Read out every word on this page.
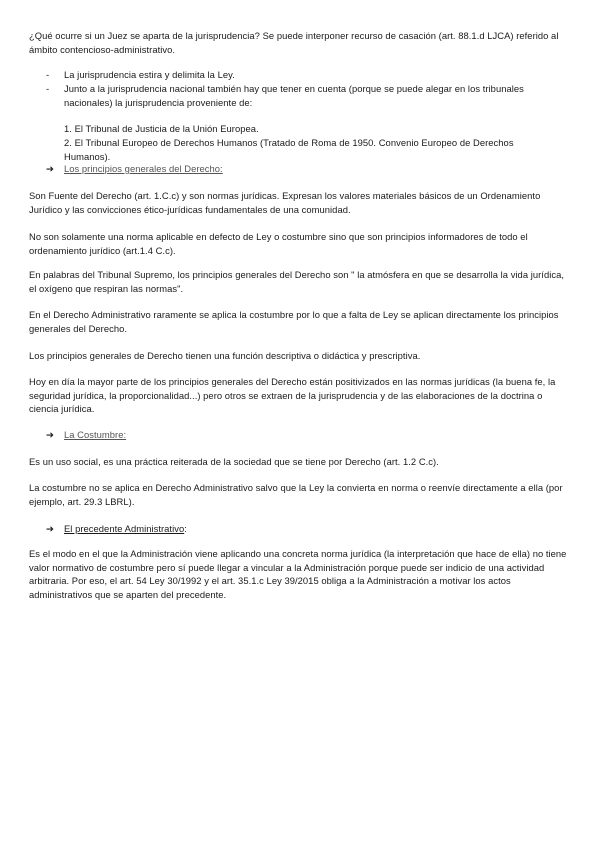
¿Qué ocurre si un Juez se aparta de la jurisprudencia? Se puede interponer recurso de casación (art. 88.1.d LJCA) referido al ámbito contencioso-administrativo.

- La jurisprudencia estira y delimita la Ley.
- Junto a la jurisprudencia nacional también hay que tener en cuenta (porque se puede alegar en los tribunales nacionales) la jurisprudencia proveniente de:
1. El Tribunal de Justicia de la Unión Europea.
2. El Tribunal Europeo de Derechos Humanos (Tratado de Roma de 1950. Convenio Europeo de Derechos Humanos).
➔ Los principios generales del Derecho:

Son Fuente del Derecho (art. 1.C.c) y son normas jurídicas. Expresan los valores materiales básicos de un Ordenamiento Jurídico y las convicciones ético-jurídicas fundamentales de una comunidad.

No son solamente una norma aplicable en defecto de Ley o costumbre sino que son principios informadores de todo el ordenamiento jurídico (art.1.4 C.c).

En palabras del Tribunal Supremo, los principios generales del Derecho son " la atmósfera en que se desarrolla la vida jurídica, el oxígeno que respiran las normas".

En el Derecho Administrativo raramente se aplica la costumbre por lo que a falta de Ley se aplican directamente los principios generales del Derecho.

Los principios generales de Derecho tienen una función descriptiva o didáctica y prescriptiva.

Hoy en día la mayor parte de los principios generales del Derecho están positivizados en las normas jurídicas (la buena fe, la seguridad jurídica, la proporcionalidad...) pero otros se extraen de la jurisprudencia y de las elaboraciones de la doctrina o ciencia jurídica.

➔ La Costumbre:

Es un uso social, es una práctica reiterada de la sociedad que se tiene por Derecho (art. 1.2 C.c).

La costumbre no se aplica en Derecho Administrativo salvo que la Ley la convierta en norma o reenvíe directamente a ella (por ejemplo, art. 29.3 LBRL).

➔ El precedente Administrativo:

Es el modo en el que la Administración viene aplicando una concreta norma jurídica (la interpretación que hace de ella) no tiene valor normativo de costumbre pero sí puede llegar a vincular a la Administración porque puede ser indicio de una actividad arbitraria. Por eso, el art. 54 Ley 30/1992 y el art. 35.1.c Ley 39/2015 obliga a la Administración a motivar los actos administrativos que se aparten del precedente.
